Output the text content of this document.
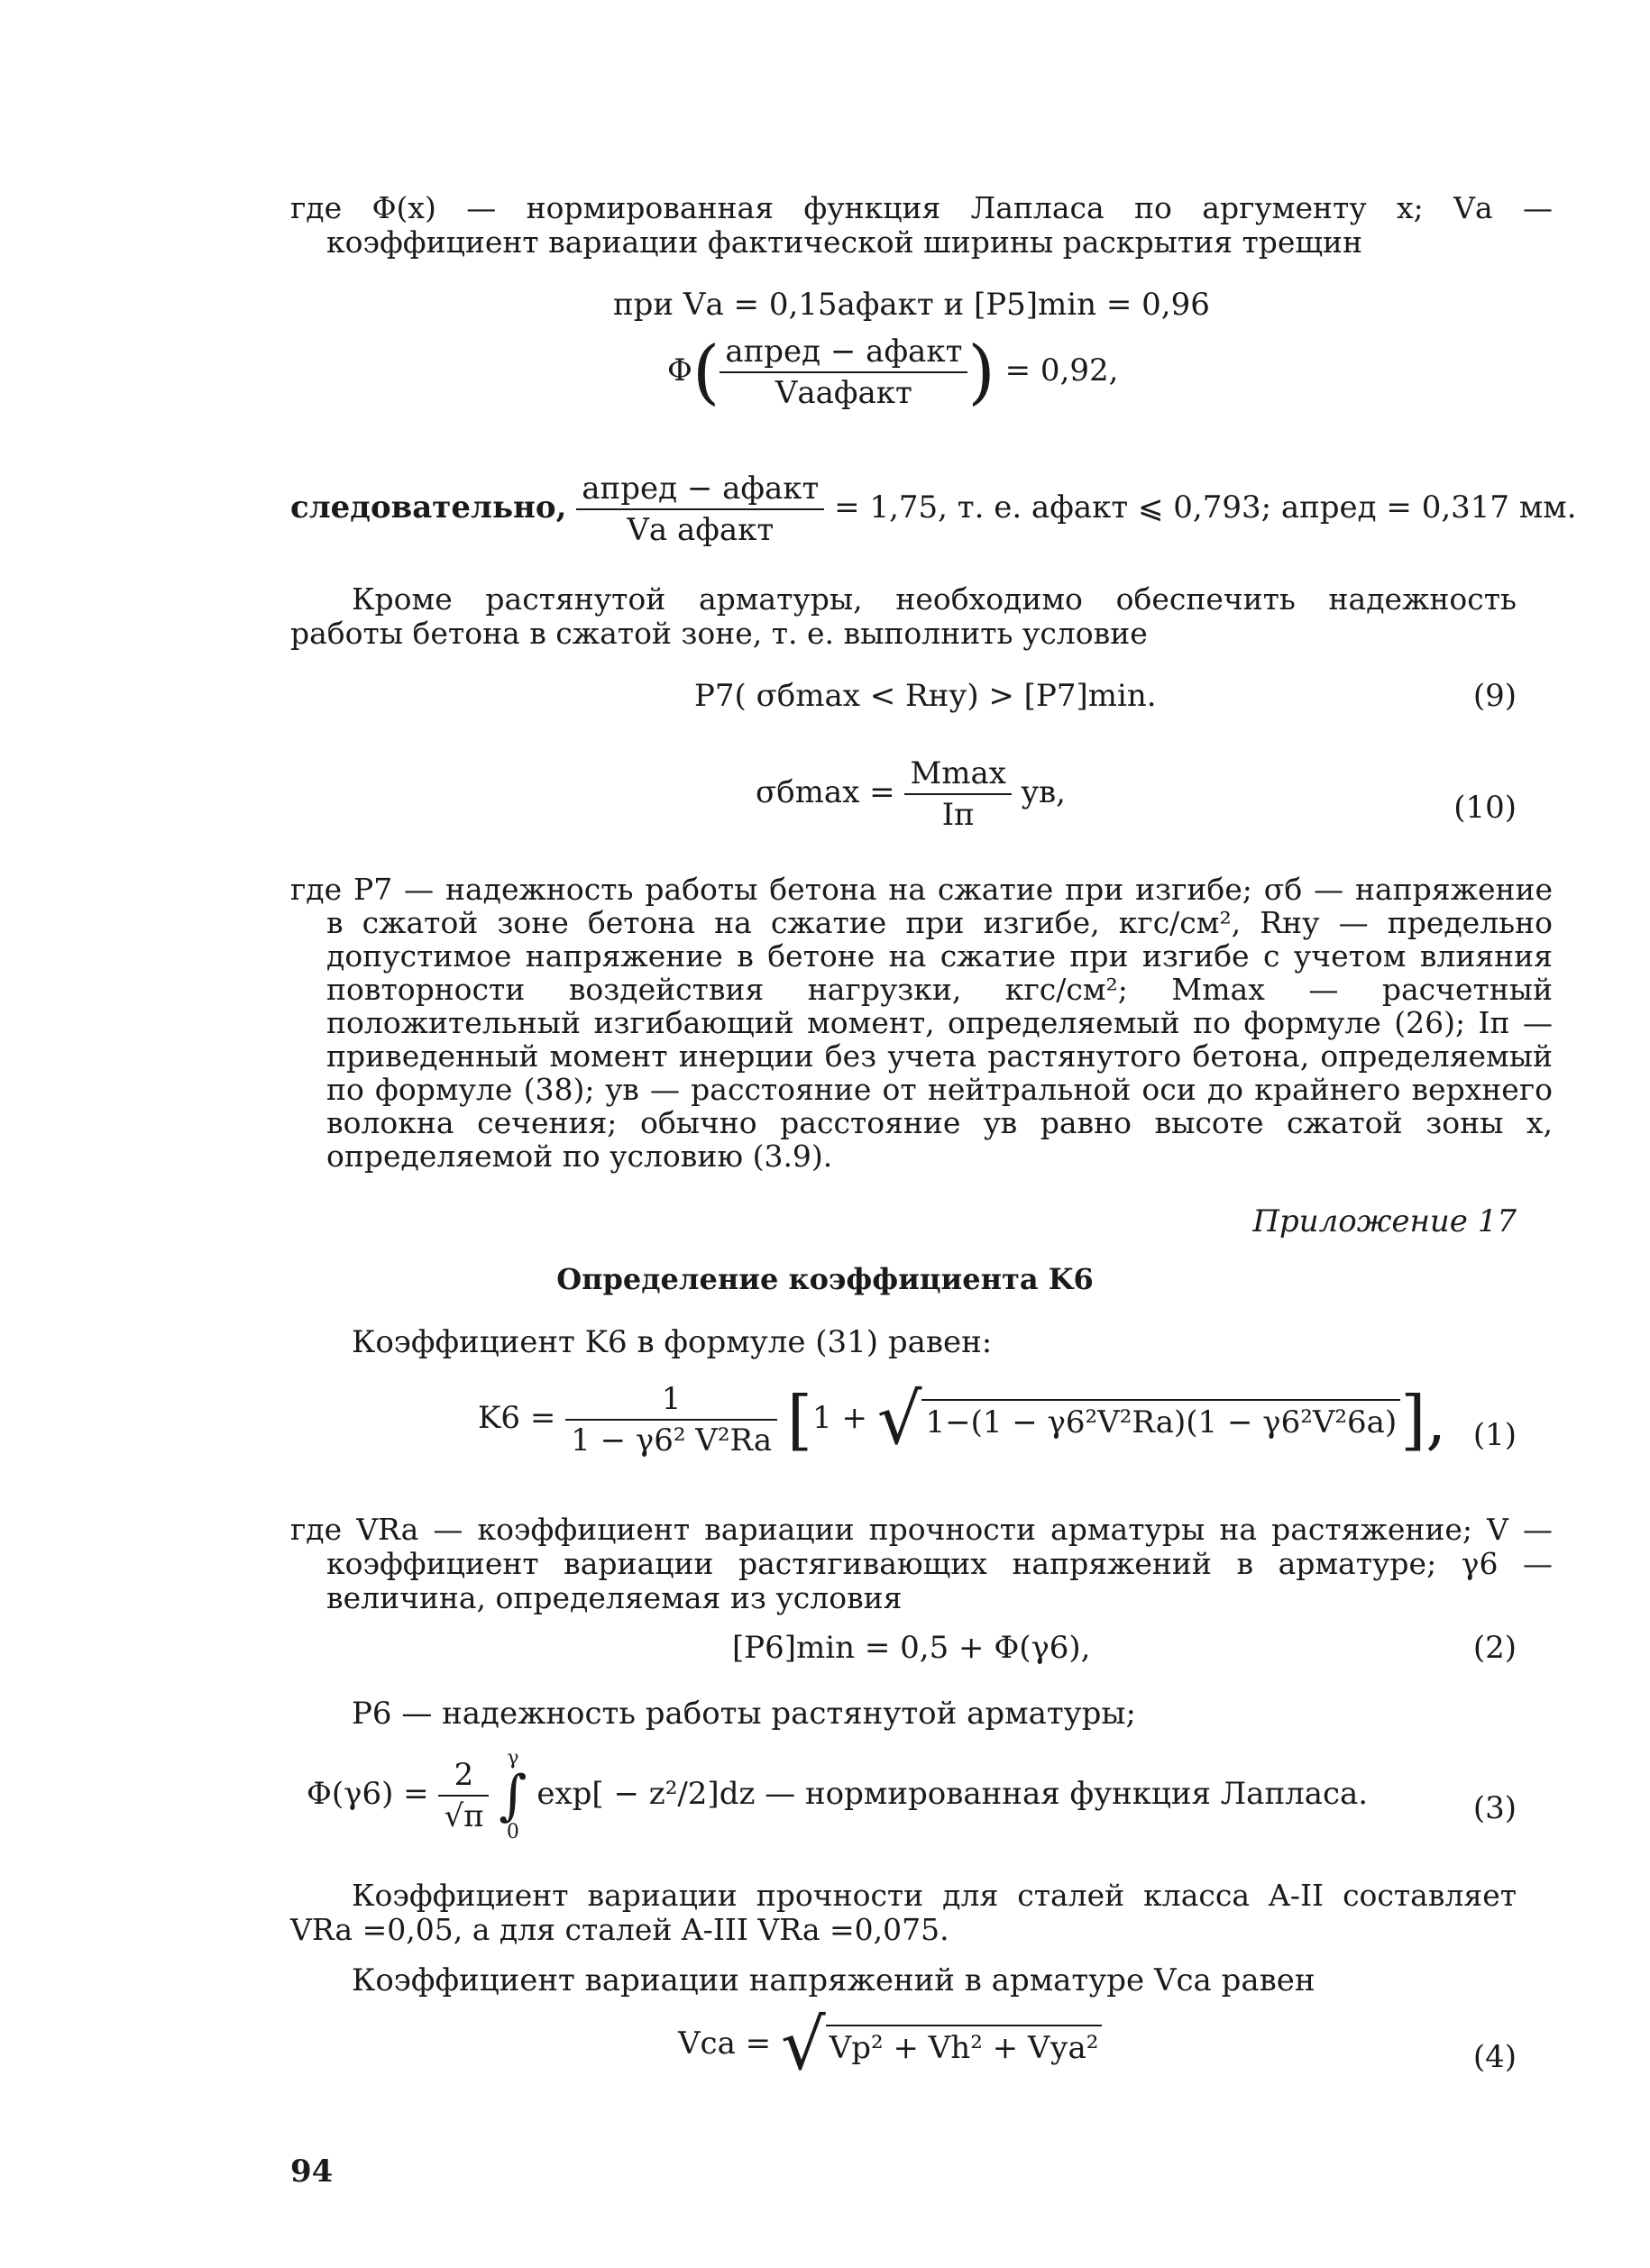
где Φ(x) — нормированная функция Лапласа по аргументу x; Vа — коэффициент вариации фактической ширины раскрытия трещин
при Vа = 0,15aфакт и [P5]min = 0,96
$\Phi( \frac{\text{aпред − aфакт}}{\text{Vаaфакт}}$ ) = 0,92,
следовательно, $\frac{\text{aпред − aфакт}}{\text{Vа aфакт}} = 1,75$, т. е. aфакт ⩽ 0,793; aпред = 0,317 мм.
Кроме растянутой арматуры, необходимо обеспечить надежность работы бетона в сжатой зоне, т. е. выполнить условие
P7( σбmax < Rну) > [P7]min.	(9)
$\sigma б\max = \frac{Mmax}{Iп}$ yв,	(10)
где P7 — надежность работы бетона на сжатие при изгибе; σб — напряжение в сжатой зоне бетона на сжатие при изгибе, кгс/см², Rну — предельно допустимое напряжение в бетоне на сжатие при изгибе с учетом влияния повторности воздействия нагрузки, кгс/см²; Mmax — расчетный положительный изгибающий момент, определяемый по формуле (26); Iп — приведенный момент инерции без учета растянутого бетона, определяемый по формуле (38); yв — расстояние от нейтральной оси до крайнего верхнего волокна сечения; обычно расстояние yв равно высоте сжатой зоны x, определяемой по условию (3.9).
Приложение 17
Определение коэффициента K6
Коэффициент K6 в формуле (31) равен:
$K6 = \frac{1}{\text{1 − γ6² V²Ra}} [1$ + √ 1−(1 − γ6²V²Ra)(1 − γ6²V²6a)], (1)
где VRa — коэффициент вариации прочности арматуры на растяжение; V — коэффициент вариации растягивающих напряжений в арматуре; γ6 — величина, определяемая из условия
[P6]min = 0,5 + Φ(γ6),	(2)
P6 — надежность работы растянутой арматуры;
$\Phi(\gamma 6) = \frac{2}{√\pi}$
γ
∫
0
exp[ − z²/2]dz — нормированная функция Лапласа.	(3)
Коэффициент вариации прочности для сталей класса A-II составляет VRa =0,05, а для сталей A-III VRa =0,075.
Коэффициент вариации напряжений в арматуре Vса равен
Vса = √ Vp² + Vh² + Vуа²	(4)
94
